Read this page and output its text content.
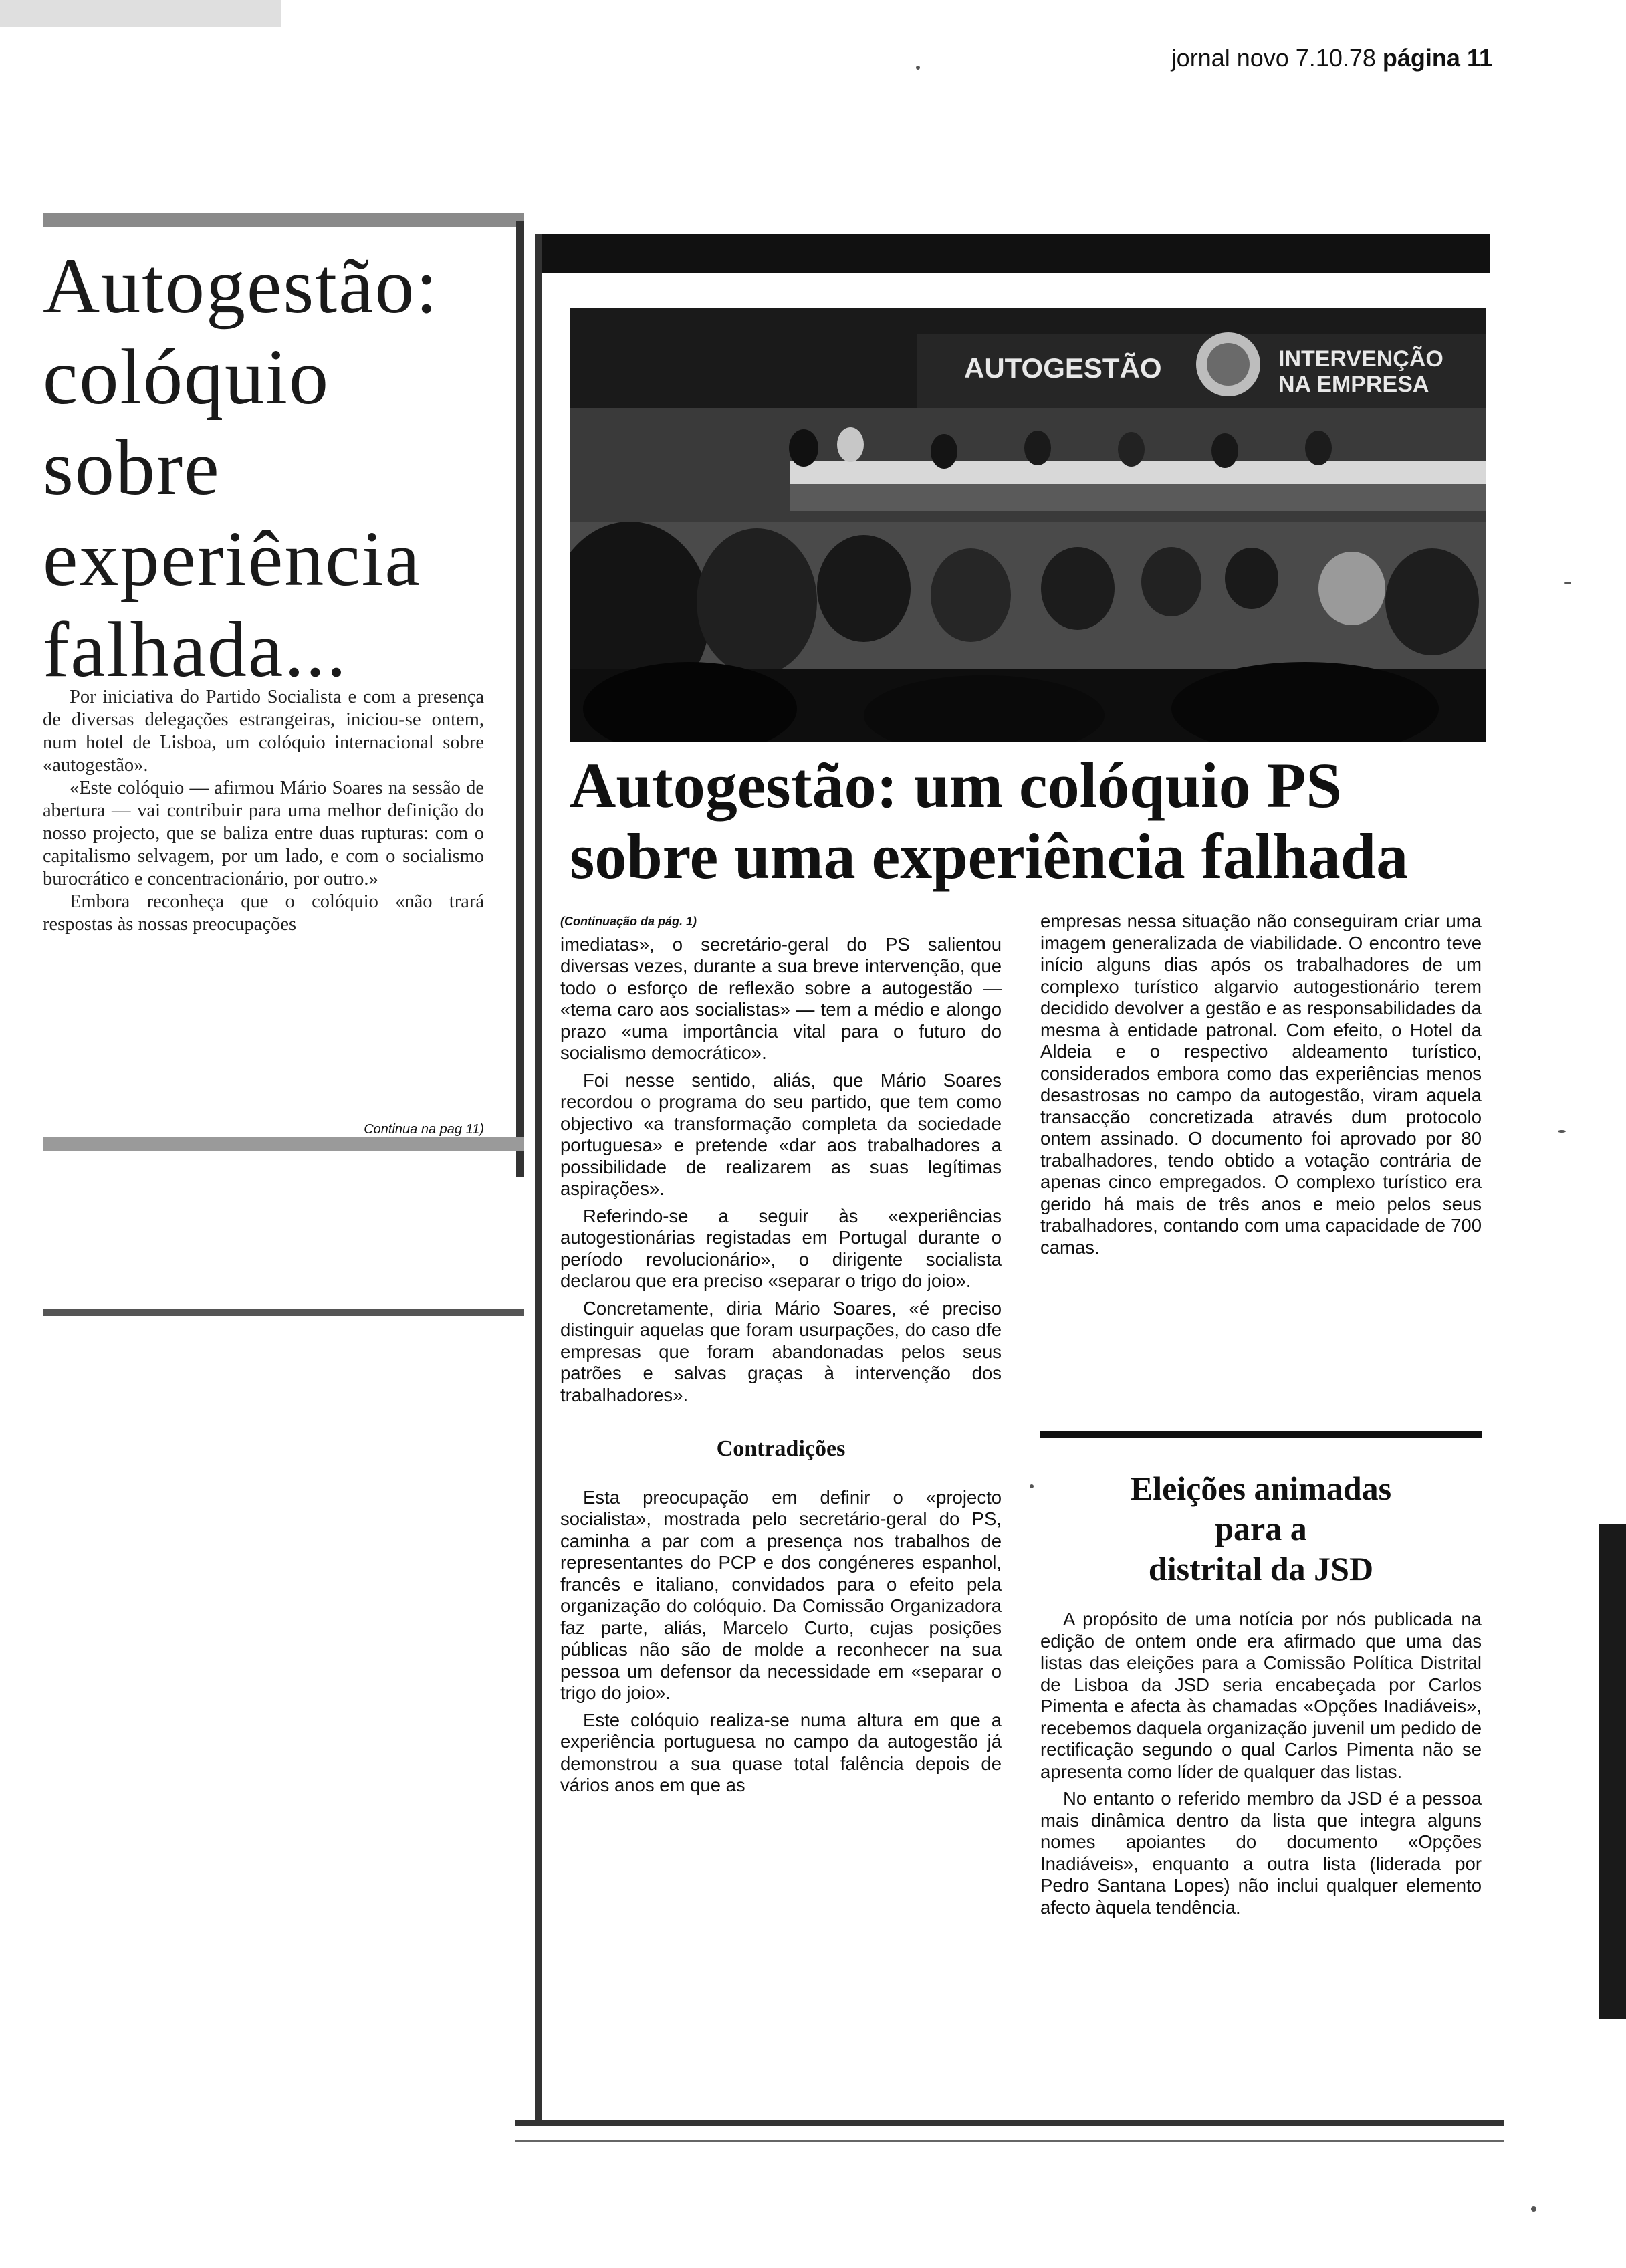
jornal novo 7.10.78 página 11
Autogestão:
colóquio
sobre
experiência
falhada...

Por iniciativa do Partido Socialista e com a presença de diversas delegações estrangeiras, iniciou-se ontem, num hotel de Lisboa, um colóquio internacional sobre «autogestão».

«Este colóquio — afirmou Mário Soares na sessão de abertura — vai contribuir para uma melhor definição do nosso projecto, que se baliza entre duas rupturas: com o capitalismo selvagem, por um lado, e com o socialismo burocrático e concentracionário, por outro.»

Embora reconheça que o colóquio «não trará respostas às nossas preocupações

Continua na pag 11)
AUTOGESTÃO	INTERVENÇÃO
NA EMPRESA
Autogestão: um colóquio PS
sobre uma experiência falhada
(Continuação da pág. 1)

imediatas», o secretário-geral do PS salientou diversas vezes, durante a sua breve intervenção, que todo o esforço de reflexão sobre a autogestão — «tema caro aos socialistas» — tem a médio e alongo prazo «uma importância vital para o futuro do socialismo democrático».

Foi nesse sentido, aliás, que Mário Soares recordou o programa do seu partido, que tem como objectivo «a transformação completa da sociedade portuguesa» e pretende «dar aos trabalhadores a possibilidade de realizarem as suas legítimas aspirações».

Referindo-se a seguir às «experiências autogestionárias registadas em Portugal durante o período revolucionário», o dirigente socialista declarou que era preciso «separar o trigo do joio».

Concretamente, diria Mário Soares, «é preciso distinguir aquelas que foram usurpações, do caso dfe empresas que foram abandonadas pelos seus patrões e salvas graças à intervenção dos trabalhadores».

Contradições

Esta preocupação em definir o «projecto socialista», mostrada pelo secretário-geral do PS, caminha a par com a presença nos trabalhos de representantes do PCP e dos congéneres espanhol, francês e italiano, convidados para o efeito pela organização do colóquio. Da Comissão Organizadora faz parte, aliás, Marcelo Curto, cujas posições públicas não são de molde a reconhecer na sua pessoa um defensor da necessidade em «separar o trigo do joio».

Este colóquio realiza-se numa altura em que a experiência portuguesa no campo da autogestão já demonstrou a sua quase total falência depois de vários anos em que as

empresas nessa situação não conseguiram criar uma imagem generalizada de viabilidade. O encontro teve início alguns dias após os trabalhadores de um complexo turístico algarvio autogestionário terem decidido devolver a gestão e as responsabilidades da mesma à entidade patronal. Com efeito, o Hotel da Aldeia e o respectivo aldeamento turístico, considerados embora como das experiências menos desastrosas no campo da autogestão, viram aquela transacção concretizada através dum protocolo ontem assinado. O documento foi aprovado por 80 trabalhadores, tendo obtido a votação contrária de apenas cinco empregados. O complexo turístico era gerido há mais de três anos e meio pelos seus trabalhadores, contando com uma capacidade de 700 camas.

Eleições animadas
para a
distrital da JSD

A propósito de uma notícia por nós publicada na edição de ontem onde era afirmado que uma das listas das eleições para a Comissão Política Distrital de Lisboa da JSD seria encabeçada por Carlos Pimenta e afecta às chamadas «Opções Inadiáveis», recebemos daquela organização juvenil um pedido de rectificação segundo o qual Carlos Pimenta não se apresenta como líder de qualquer das listas.

No entanto o referido membro da JSD é a pessoa mais dinâmica dentro da lista que integra alguns nomes apoiantes do documento «Opções Inadiáveis», enquanto a outra lista (liderada por Pedro Santana Lopes) não inclui qualquer elemento afecto àquela tendência.
